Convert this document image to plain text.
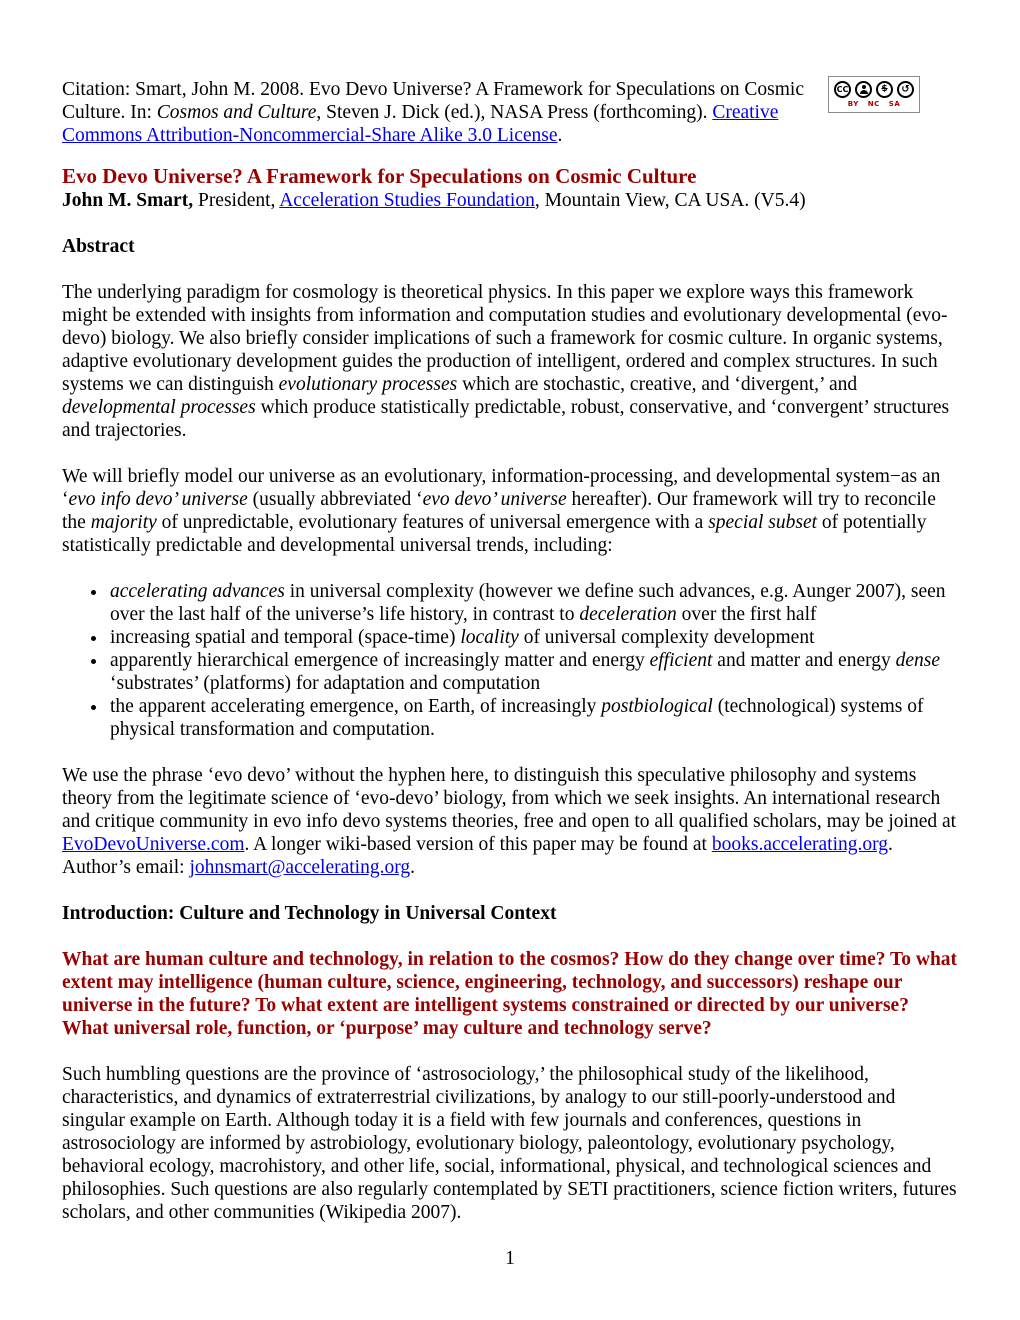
CC	$ ↺
BY NC SA

Citation: Smart, John M. 2008. Evo Devo Universe? A Framework for Speculations on Cosmic Culture. In: Cosmos and Culture, Steven J. Dick (ed.), NASA Press (forthcoming). Creative Commons Attribution-Noncommercial-Share Alike 3.0 License.

Evo Devo Universe? A Framework for Speculations on Cosmic Culture

John M. Smart, President, Acceleration Studies Foundation, Mountain View, CA USA. (V5.4)

Abstract

The underlying paradigm for cosmology is theoretical physics. In this paper we explore ways this framework might be extended with insights from information and computation studies and evolutionary developmental (evo-devo) biology. We also briefly consider implications of such a framework for cosmic culture. In organic systems, adaptive evolutionary development guides the production of intelligent, ordered and complex structures. In such systems we can distinguish evolutionary processes which are stochastic, creative, and ‘divergent,’ and developmental processes which produce statistically predictable, robust, conservative, and ‘convergent’ structures and trajectories.

We will briefly model our universe as an evolutionary, information-processing, and developmental system−as an ‘evo info devo’ universe (usually abbreviated ‘evo devo’ universe hereafter). Our framework will try to reconcile the majority of unpredictable, evolutionary features of universal emergence with a special subset of potentially statistically predictable and developmental universal trends, including:

• accelerating advances in universal complexity (however we define such advances, e.g. Aunger 2007), seen over the last half of the universe’s life history, in contrast to deceleration over the first half
• increasing spatial and temporal (space-time) locality of universal complexity development
• apparently hierarchical emergence of increasingly matter and energy efficient and matter and energy dense ‘substrates’ (platforms) for adaptation and computation
• the apparent accelerating emergence, on Earth, of increasingly postbiological (technological) systems of physical transformation and computation.

We use the phrase ‘evo devo’ without the hyphen here, to distinguish this speculative philosophy and systems theory from the legitimate science of ‘evo-devo’ biology, from which we seek insights. An international research and critique community in evo info devo systems theories, free and open to all qualified scholars, may be joined at EvoDevoUniverse.com. A longer wiki-based version of this paper may be found at books.accelerating.org. Author’s email: johnsmart@accelerating.org.

Introduction: Culture and Technology in Universal Context

What are human culture and technology, in relation to the cosmos? How do they change over time? To what extent may intelligence (human culture, science, engineering, technology, and successors) reshape our universe in the future? To what extent are intelligent systems constrained or directed by our universe? What universal role, function, or ‘purpose’ may culture and technology serve?

Such humbling questions are the province of ‘astrosociology,’ the philosophical study of the likelihood, characteristics, and dynamics of extraterrestrial civilizations, by analogy to our still-poorly-understood and singular example on Earth. Although today it is a field with few journals and conferences, questions in astrosociology are informed by astrobiology, evolutionary biology, paleontology, evolutionary psychology, behavioral ecology, macrohistory, and other life, social, informational, physical, and technological sciences and philosophies. Such questions are also regularly contemplated by SETI practitioners, science fiction writers, futures scholars, and other communities (Wikipedia 2007).

1
